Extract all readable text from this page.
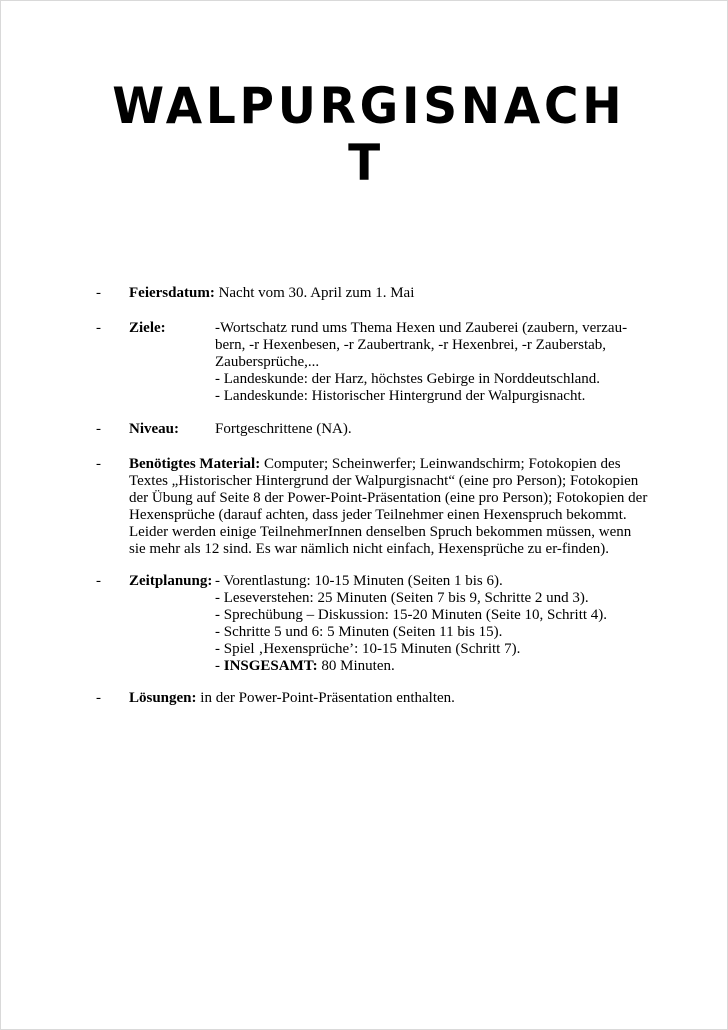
WALPURGISNACH
T
- Feiersdatum: Nacht vom 30. April zum 1. Mai
- Ziele:	-Wortschatz rund ums Thema Hexen und Zauberei (zaubern, verzau-
bern, -r Hexenbesen, -r Zaubertrank, -r Hexenbrei, -r Zauberstab,
Zaubersprüche,...
- Landeskunde: der Harz, höchstes Gebirge in Norddeutschland.
- Landeskunde: Historischer Hintergrund der Walpurgisnacht.
- Niveau: Fortgeschrittene (NA).
- Benötigtes Material: Computer; Scheinwerfer; Leinwandschirm; Fotokopien des
Textes „Historischer Hintergrund der Walpurgisnacht“ (eine pro Person); Fotokopien
der Übung auf Seite 8 der Power-Point-Präsentation (eine pro Person); Fotokopien der
Hexensprüche (darauf achten, dass jeder Teilnehmer einen Hexenspruch bekommt.
Leider werden einige TeilnehmerInnen denselben Spruch bekommen müssen, wenn
sie mehr als 12 sind. Es war nämlich nicht einfach, Hexensprüche zu er-finden).
- Zeitplanung: - Vorentlastung: 10-15 Minuten (Seiten 1 bis 6).
- Leseverstehen: 25 Minuten (Seiten 7 bis 9, Schritte 2 und 3).
- Sprechübung – Diskussion: 15-20 Minuten (Seite 10, Schritt 4).
- Schritte 5 und 6: 5 Minuten (Seiten 11 bis 15).
- Spiel ‚Hexensprüche’: 10-15 Minuten (Schritt 7).
- INSGESAMT: 80 Minuten.
- Lösungen: in der Power-Point-Präsentation enthalten.
